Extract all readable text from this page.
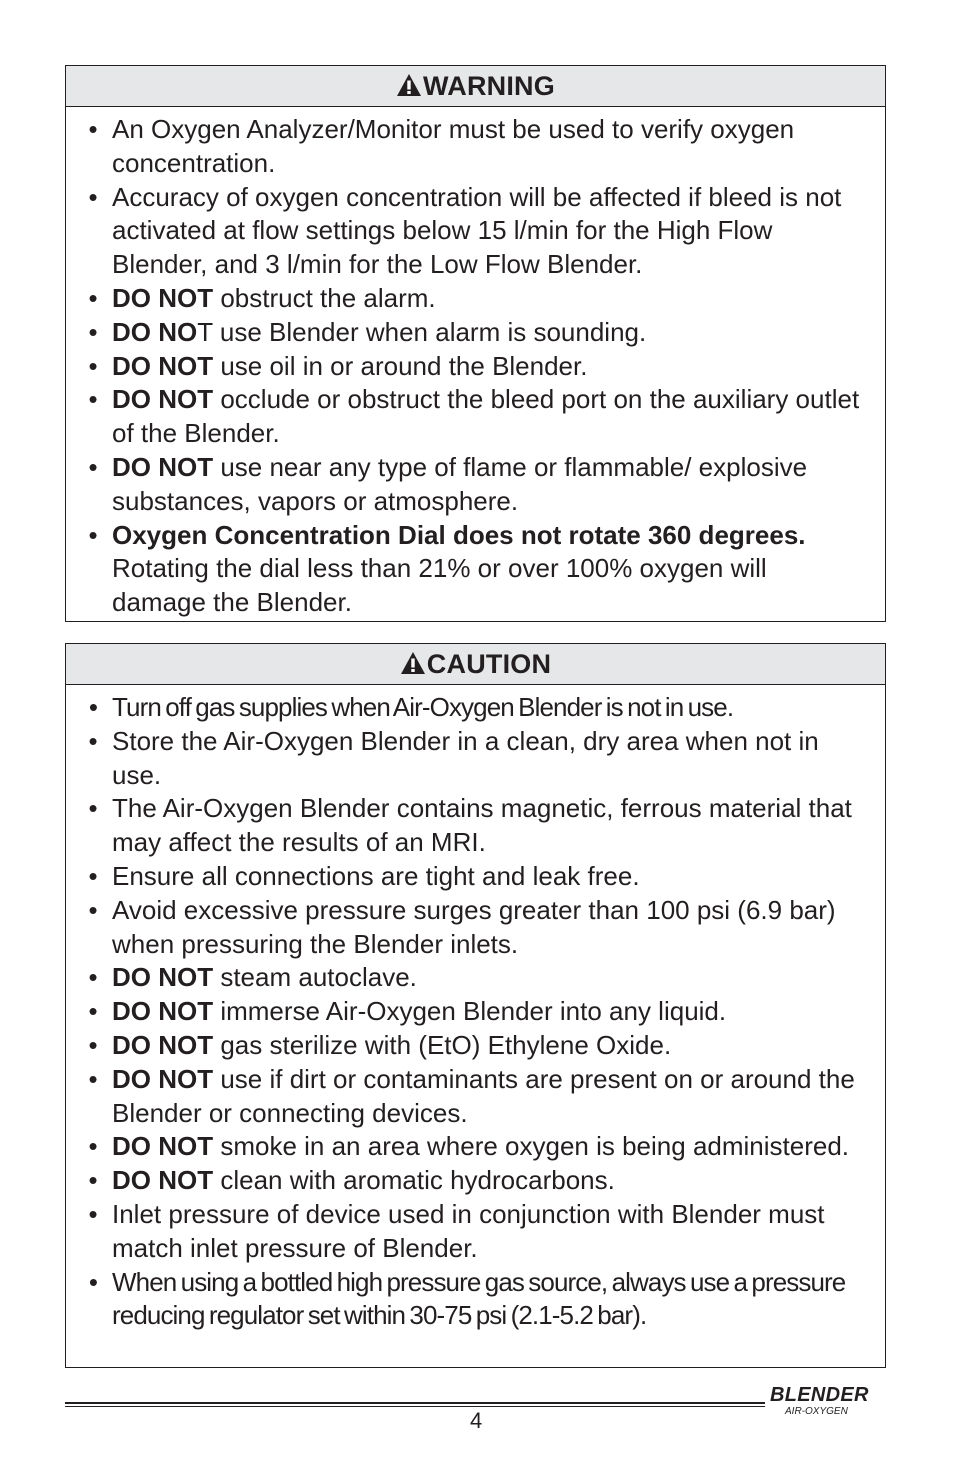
WARNING
• An Oxygen Analyzer/Monitor must be used to verify oxygen concentration.
• Accuracy of oxygen concentration will be affected if bleed is not activated at flow settings below 15 l/min for the High Flow Blender, and 3 l/min for the Low Flow Blender.
• DO NOT obstruct the alarm.
• DO NOT use Blender when alarm is sounding.
• DO NOT use oil in or around the Blender.
• DO NOT occlude or obstruct the bleed port on the auxiliary outlet of the Blender.
• DO NOT use near any type of flame or flammable/ explosive substances, vapors or atmosphere.
• Oxygen Concentration Dial does not rotate 360 degrees. Rotating the dial less than 21% or over 100% oxygen will damage the Blender.
CAUTION
• Turn off gas supplies when Air-Oxygen Blender is not in use.
• Store the Air-Oxygen Blender in a clean, dry area when not in use.
• The Air-Oxygen Blender contains magnetic, ferrous material that may affect the results of an MRI.
• Ensure all connections are tight and leak free.
• Avoid excessive pressure surges greater than 100 psi (6.9 bar) when pressuring the Blender inlets.
• DO NOT steam autoclave.
• DO NOT immerse Air-Oxygen Blender into any liquid.
• DO NOT gas sterilize with (EtO) Ethylene Oxide.
• DO NOT use if dirt or contaminants are present on or around the Blender or connecting devices.
• DO NOT smoke in an area where oxygen is being administered.
• DO NOT clean with aromatic hydrocarbons.
• Inlet pressure of device used in conjunction with Blender must match inlet pressure of Blender.
• When using a bottled high pressure gas source, always use a pressure reducing regulator set within 30-75 psi (2.1-5.2 bar).
BLENDER
AIR-OXYGEN
4
